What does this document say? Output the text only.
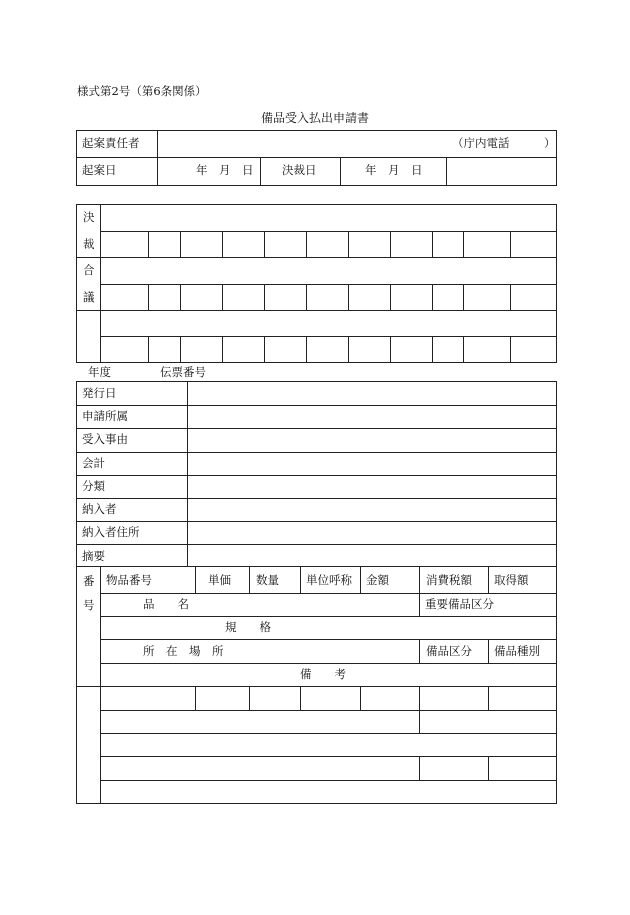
様式第2号（第6条関係）
備品受入払出申請書
起案責任者	（庁内電話　　　）
起案日	年　月　日 決裁日	年　月　日
決
裁
合
議
年度	伝票番号
発行日
申請所属
受入事由
会計
分類
納入者
納入者住所
摘要
番
号
物品番号	単価 数量 単位呼称 金額	消費税額 取得額
品　　名	重要備品区分
規　　格
所　在　場　所	備品区分 備品種別
備　　考
